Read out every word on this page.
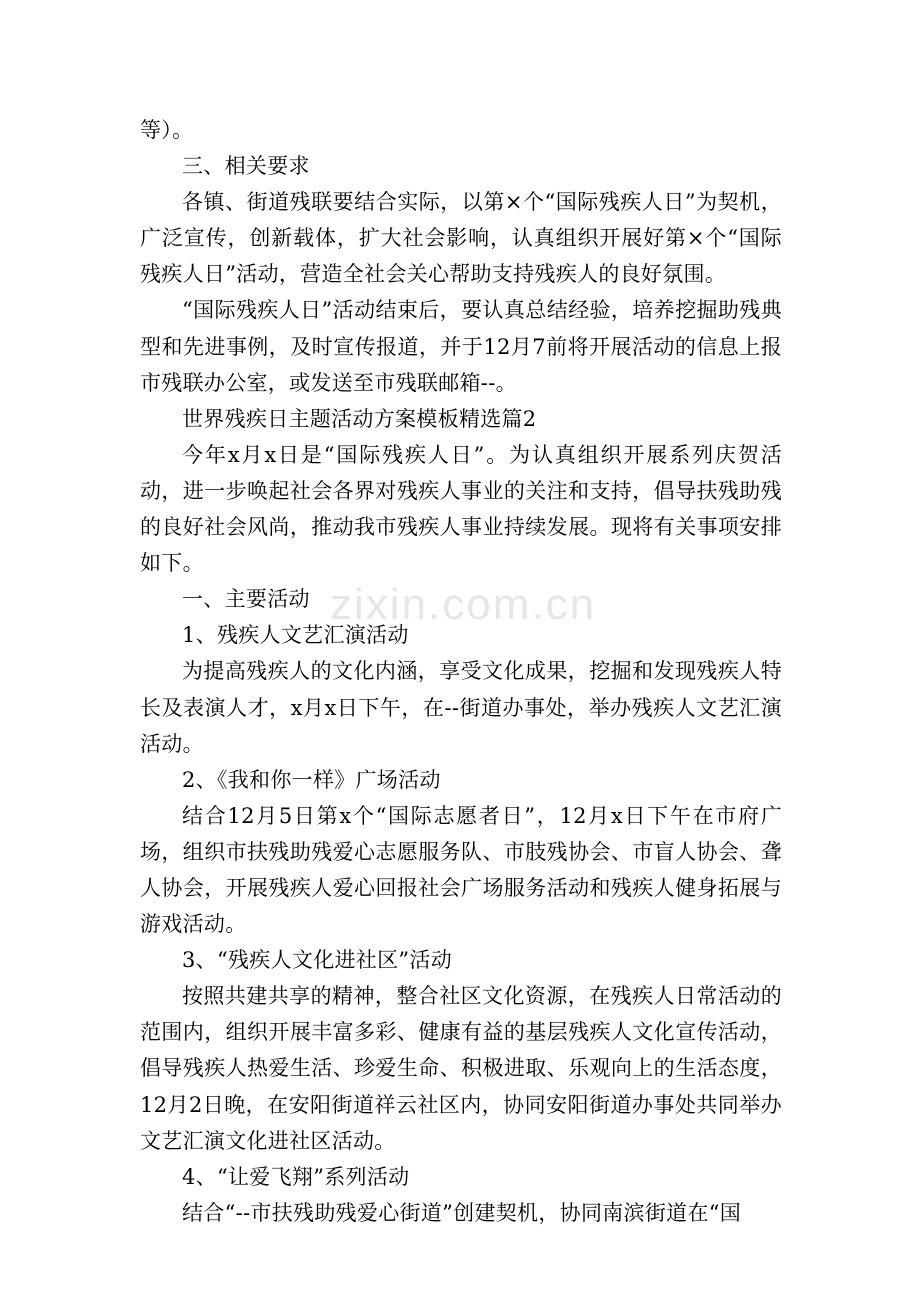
zixin.com.cn

等）。

三、相关要求

各镇、街道残联要结合实际，以第×个“国际残疾人日”为契机，广泛宣传，创新载体，扩大社会影响，认真组织开展好第×个“国际残疾人日”活动，营造全社会关心帮助支持残疾人的良好氛围。

“国际残疾人日”活动结束后，要认真总结经验，培养挖掘助残典型和先进事例，及时宣传报道，并于12月7前将开展活动的信息上报市残联办公室，或发送至市残联邮箱--。

世界残疾日主题活动方案模板精选篇2

今年x月x日是“国际残疾人日”。为认真组织开展系列庆贺活动，进一步唤起社会各界对残疾人事业的关注和支持，倡导扶残助残的良好社会风尚，推动我市残疾人事业持续发展。现将有关事项安排如下。

一、主要活动

1、残疾人文艺汇演活动

为提高残疾人的文化内涵，享受文化成果，挖掘和发现残疾人特长及表演人才，x月x日下午，在--街道办事处，举办残疾人文艺汇演活动。

2、《我和你一样》广场活动

结合12月5日第x个“国际志愿者日”，12月x日下午在市府广场，组织市扶残助残爱心志愿服务队、市肢残协会、市盲人协会、聋人协会，开展残疾人爱心回报社会广场服务活动和残疾人健身拓展与游戏活动。

3、“残疾人文化进社区”活动

按照共建共享的精神，整合社区文化资源，在残疾人日常活动的范围内，组织开展丰富多彩、健康有益的基层残疾人文化宣传活动，倡导残疾人热爱生活、珍爱生命、积极进取、乐观向上的生活态度，12月2日晚，在安阳街道祥云社区内，协同安阳街道办事处共同举办文艺汇演文化进社区活动。

4、“让爱飞翔”系列活动

结合“--市扶残助残爱心街道”创建契机，协同南滨街道在“国
